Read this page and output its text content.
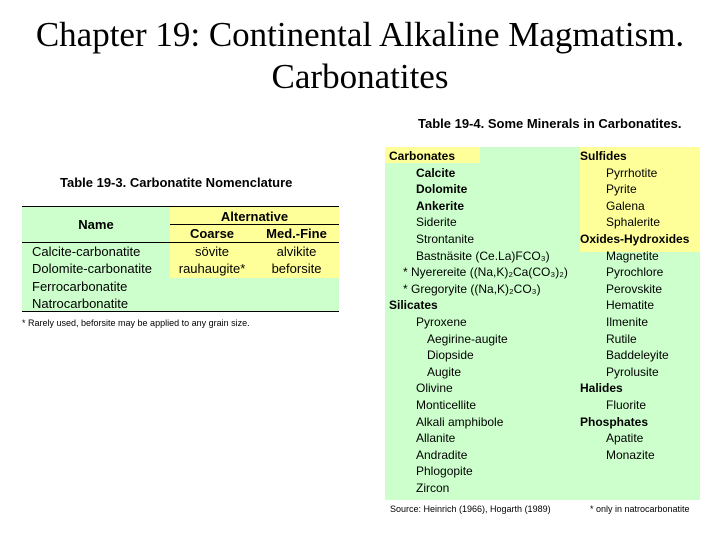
Chapter 19: Continental Alkaline Magmatism.
Carbonatites
Table 19-3. Carbonatite Nomenclature
Name
Alternative
Coarse	Med.-Fine
Calcite-carbonatite	sövite	alvikite
Dolomite-carbonatite	rauhaugite*	beforsite
Ferrocarbonatite
Natrocarbonatite
* Rarely used, beforsite may be applied to any grain size.
Table 19-4. Some Minerals in Carbonatites.
Carbonates
Calcite
Dolomite
Ankerite
Siderite
Strontanite
Bastnäsite (Ce.La)FCO₃)
* Nyerereite ((Na,K)₂Ca(CO₃)₂)
* Gregoryite ((Na,K)₂CO₃)
Silicates
Pyroxene
Aegirine-augite
Diopside
Augite
Olivine
Monticellite
Alkali amphibole
Allanite
Andradite
Phlogopite
Zircon
Sulfides
Pyrrhotite
Pyrite
Galena
Sphalerite
Oxides-Hydroxides
Magnetite
Pyrochlore
Perovskite
Hematite
Ilmenite
Rutile
Baddeleyite
Pyrolusite
Halides
Fluorite
Phosphates
Apatite
Monazite
Source: Heinrich (1966), Hogarth (1989)	* only in natrocarbonatite
